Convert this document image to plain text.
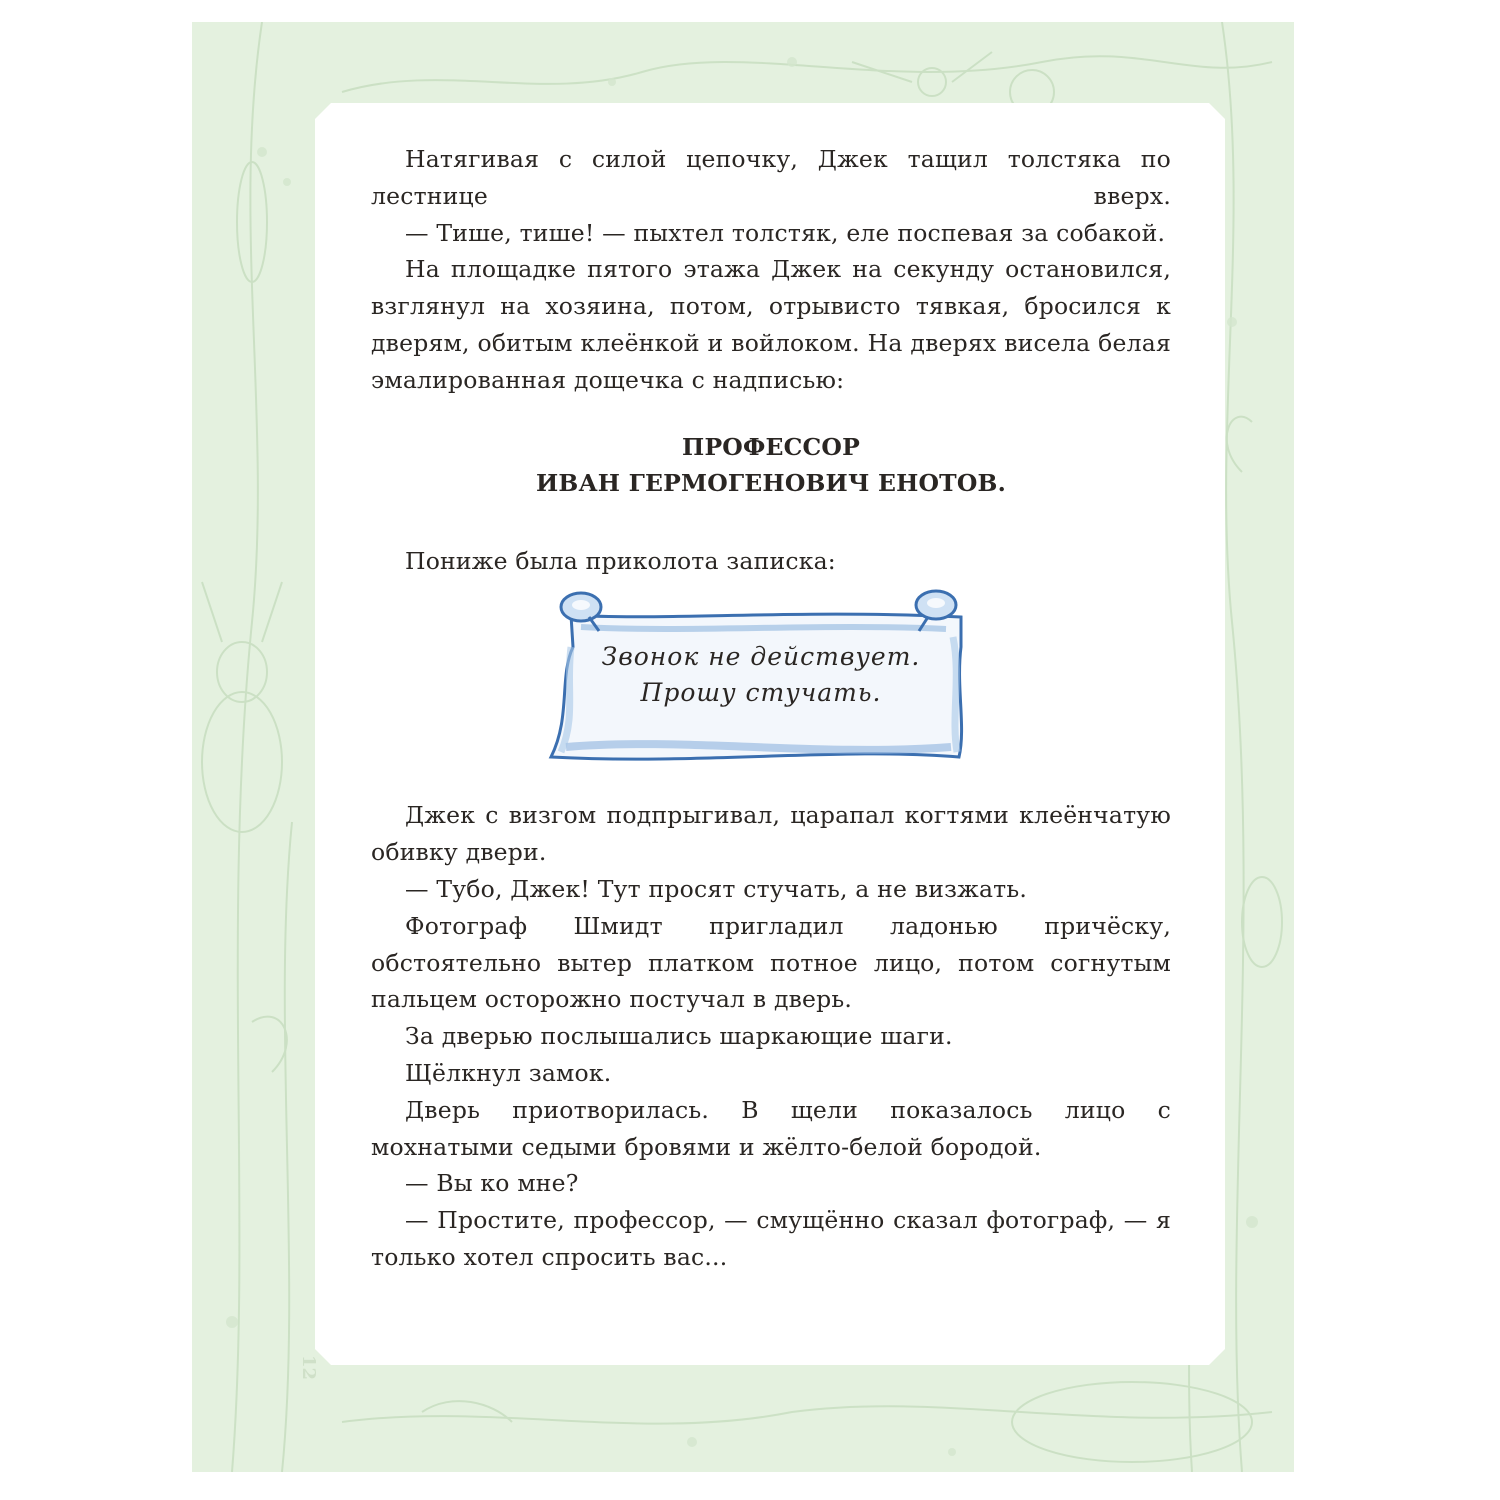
Натягивая с силой цепочку, Джек тащил толстяка по лестнице вверх.

— Тише, тише! — пыхтел толстяк, еле поспевая за собакой.

На площадке пятого этажа Джек на секунду остановился, взглянул на хозяина, потом, отрывисто тявкая, бросился к дверям, обитым клеёнкой и войлоком. На дверях висела белая эмалированная дощечка с надписью:

ПРОФЕССОР
ИВАН ГЕРМОГЕНОВИЧ ЕНОТОВ.

Пониже была приколота записка:

Звонок не действует.
Прошу стучать.

Джек с визгом подпрыгивал, царапал когтями клеёнчатую обивку двери.

— Тубо, Джек! Тут просят стучать, а не визжать.

Фотограф Шмидт пригладил ладонью причёску, обстоятельно вытер платком потное лицо, потом согнутым пальцем осторожно постучал в дверь.

За дверью послышались шаркающие шаги.

Щёлкнул замок.

Дверь приотворилась. В щели показалось лицо с мохнатыми седыми бровями и жёлто-белой бородой.

— Вы ко мне?

— Простите, профессор, — смущённо сказал фотограф, — я только хотел спросить вас...

12
